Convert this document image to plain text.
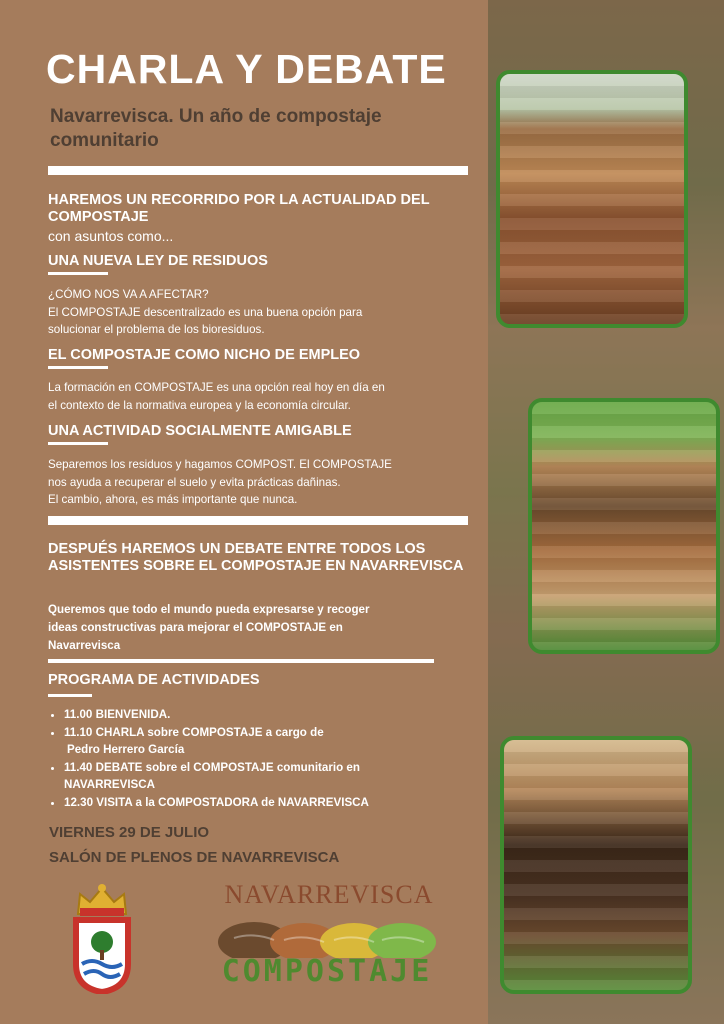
CHARLA Y DEBATE

Navarrevisca. Un año de compostaje comunitario

HAREMOS UN RECORRIDO POR LA ACTUALIDAD DEL COMPOSTAJE

con asuntos como...

UNA NUEVA LEY DE RESIDUOS

¿CÓMO NOS VA A AFECTAR?

El COMPOSTAJE descentralizado es una buena opción para

solucionar el problema de los bioresiduos.

EL COMPOSTAJE COMO NICHO DE EMPLEO

La formación en COMPOSTAJE es una opción real hoy en día en

el contexto de la normativa europea y la economía circular.

UNA ACTIVIDAD SOCIALMENTE AMIGABLE

Separemos los residuos y hagamos COMPOST. El COMPOSTAJE

nos ayuda a recuperar el suelo y evita prácticas dañinas.

El cambio, ahora, es más importante que nunca.

DESPUÉS HAREMOS UN DEBATE ENTRE TODOS LOS ASISTENTES SOBRE EL COMPOSTAJE EN NAVARREVISCA

Queremos que todo el mundo pueda expresarse y recoger

ideas constructivas para mejorar el COMPOSTAJE en

Navarrevisca

PROGRAMA DE ACTIVIDADES

• 11.00 BIENVENIDA.
• 11.10 CHARLA sobre COMPOSTAJE a cargo de
Pedro Herrero García
• 11.40 DEBATE sobre el COMPOSTAJE comunitario en
NAVARREVISCA
• 12.30 VISITA a la COMPOSTADORA de NAVARREVISCA

VIERNES 29 DE JULIO

SALÓN DE PLENOS DE NAVARREVISCA

NAVARREVISCA
COMPOSTAJE
